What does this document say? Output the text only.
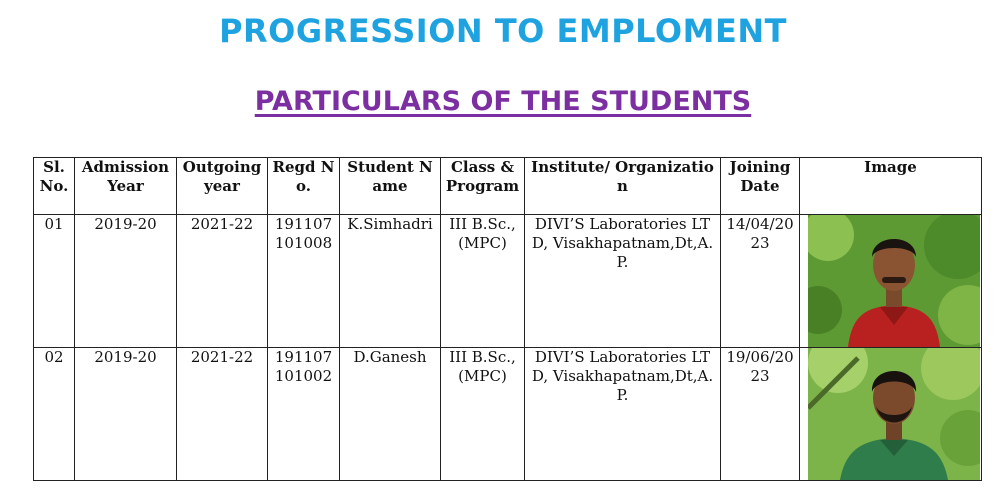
PROGRESSION TO EMPLOMENT
PARTICULARS OF THE STUDENTS
Sl. No.	Admission Year	Outgoing year	Regd No.	Student Name	Class & Program	Institute/ Organization	Joining Date	Image
01	2019-20	2021-22	191107101008	K.Simhadri	III B.Sc., (MPC)	DIVI’S Laboratories LTD, Visakhapatnam,Dt,A.P.	14/04/2023	

02	2019-20	2021-22	191107101002	D.Ganesh	III B.Sc., (MPC)	DIVI’S Laboratories LTD, Visakhapatnam,Dt,A.P.	19/06/2023	
